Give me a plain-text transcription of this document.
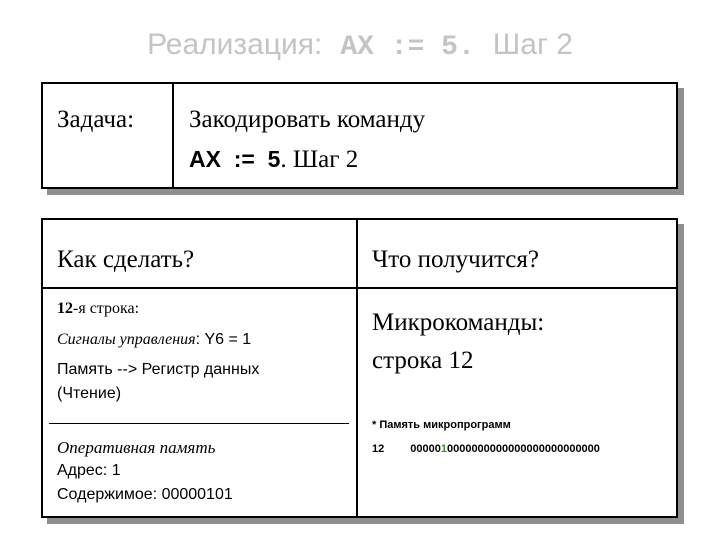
Реализация: AX := 5. Шаг 2
Задача: Закодировать команду
AX  :=  5. Шаг 2
Как сделать?	Что получится?
12-я строка:
Сигналы управления: Y6 = 1
Память --> Регистр данных
(Чтение)
Оперативная память
Адрес: 1
Содержимое: 00000101
Микрокоманды:
строка 12
* Память микропрограмм
12 0000010000000000000000000000000
